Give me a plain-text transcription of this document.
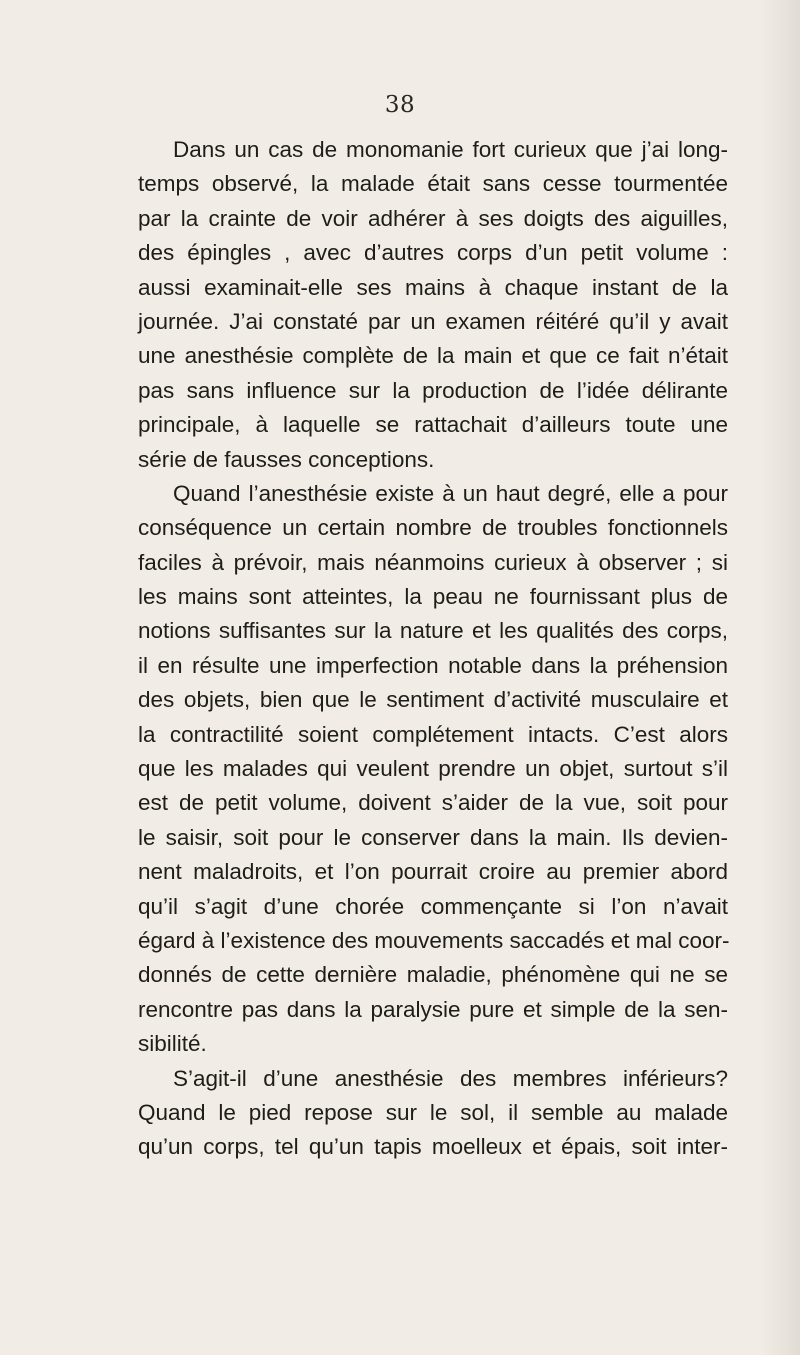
38
Dans un cas de monomanie fort curieux que j’ai long-
temps observé, la malade était sans cesse tourmentée
par la crainte de voir adhérer à ses doigts des aiguilles,
des épingles , avec d’autres corps d’un petit volume :
aussi examinait-elle ses mains à chaque instant de la
journée. J’ai constaté par un examen réitéré qu’il y avait
une anesthésie complète de la main et que ce fait n’était
pas sans influence sur la production de l’idée délirante
principale, à laquelle se rattachait d’ailleurs toute une
série de fausses conceptions.
Quand l’anesthésie existe à un haut degré, elle a pour
conséquence un certain nombre de troubles fonctionnels
faciles à prévoir, mais néanmoins curieux à observer ; si
les mains sont atteintes, la peau ne fournissant plus de
notions suffisantes sur la nature et les qualités des corps,
il en résulte une imperfection notable dans la préhension
des objets, bien que le sentiment d’activité musculaire et
la contractilité soient complétement intacts. C’est alors
que les malades qui veulent prendre un objet, surtout s’il
est de petit volume, doivent s’aider de la vue, soit pour
le saisir, soit pour le conserver dans la main. Ils devien-
nent maladroits, et l’on pourrait croire au premier abord
qu’il s’agit d’une chorée commençante si l’on n’avait
égard à l’existence des mouvements saccadés et mal coor-
donnés de cette dernière maladie, phénomène qui ne se
rencontre pas dans la paralysie pure et simple de la sen-
sibilité.
S’agit-il d’une anesthésie des membres inférieurs?
Quand le pied repose sur le sol, il semble au malade
qu’un corps, tel qu’un tapis moelleux et épais, soit inter-
